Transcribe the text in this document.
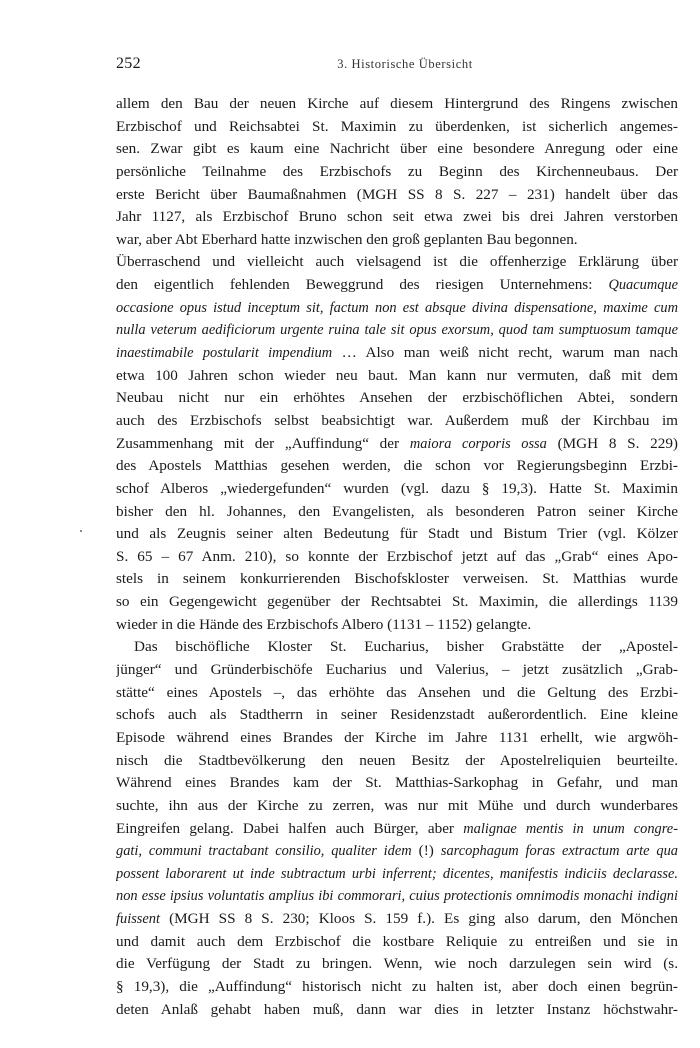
252	3. Historische Übersicht
allem den Bau der neuen Kirche auf diesem Hintergrund des Ringens zwischen
Erzbischof und Reichsabtei St. Maximin zu überdenken, ist sicherlich angemes-
sen. Zwar gibt es kaum eine Nachricht über eine besondere Anregung oder eine
persönliche Teilnahme des Erzbischofs zu Beginn des Kirchenneubaus. Der
erste Bericht über Baumaßnahmen (MGH SS 8 S. 227 – 231) handelt über das
Jahr 1127, als Erzbischof Bruno schon seit etwa zwei bis drei Jahren verstorben
war, aber Abt Eberhard hatte inzwischen den groß geplanten Bau begonnen.
Überraschend und vielleicht auch vielsagend ist die offenherzige Erklärung über
den eigentlich fehlenden Beweggrund des riesigen Unternehmens: Quacumque
occasione opus istud inceptum sit, factum non est absque divina dispensatione, maxime cum
nulla veterum aedificiorum urgente ruina tale sit opus exorsum, quod tam sumptuosum tamque
inaestimabile postularit impendium … Also man weiß nicht recht, warum man nach
etwa 100 Jahren schon wieder neu baut. Man kann nur vermuten, daß mit dem
Neubau nicht nur ein erhöhtes Ansehen der erzbischöflichen Abtei, sondern
auch des Erzbischofs selbst beabsichtigt war. Außerdem muß der Kirchbau im
Zusammenhang mit der „Auffindung“ der maiora corporis ossa (MGH 8 S. 229)
des Apostels Matthias gesehen werden, die schon vor Regierungsbeginn Erzbi-
schof Alberos „wiedergefunden“ wurden (vgl. dazu § 19,3). Hatte St. Maximin
bisher den hl. Johannes, den Evangelisten, als besonderen Patron seiner Kirche
und als Zeugnis seiner alten Bedeutung für Stadt und Bistum Trier (vgl. Kölzer
S. 65 – 67 Anm. 210), so konnte der Erzbischof jetzt auf das „Grab“ eines Apo-
stels in seinem konkurrierenden Bischofskloster verweisen. St. Matthias wurde
so ein Gegengewicht gegenüber der Rechtsabtei St. Maximin, die allerdings 1139
wieder in die Hände des Erzbischofs Albero (1131 – 1152) gelangte.
Das bischöfliche Kloster St. Eucharius, bisher Grabstätte der „Apostel-
jünger“ und Gründerbischöfe Eucharius und Valerius, – jetzt zusätzlich „Grab-
stätte“ eines Apostels –, das erhöhte das Ansehen und die Geltung des Erzbi-
schofs auch als Stadtherrn in seiner Residenzstadt außerordentlich. Eine kleine
Episode während eines Brandes der Kirche im Jahre 1131 erhellt, wie argwöh-
nisch die Stadtbevölkerung den neuen Besitz der Apostelreliquien beurteilte.
Während eines Brandes kam der St. Matthias-Sarkophag in Gefahr, und man
suchte, ihn aus der Kirche zu zerren, was nur mit Mühe und durch wunderbares
Eingreifen gelang. Dabei halfen auch Bürger, aber malignae mentis in unum congre-
gati, communi tractabant consilio, qualiter idem (!) sarcophagum foras extractum arte qua
possent laborarent ut inde subtractum urbi inferrent; dicentes, manifestis indiciis declarasse.
non esse ipsius voluntatis amplius ibi commorari, cuius protectionis omnimodis monachi indigni
fuissent (MGH SS 8 S. 230; Kloos S. 159 f.). Es ging also darum, den Mönchen
und damit auch dem Erzbischof die kostbare Reliquie zu entreißen und sie in
die Verfügung der Stadt zu bringen. Wenn, wie noch darzulegen sein wird (s.
§ 19,3), die „Auffindung“ historisch nicht zu halten ist, aber doch einen begrün-
deten Anlaß gehabt haben muß, dann war dies in letzter Instanz höchstwahr-
